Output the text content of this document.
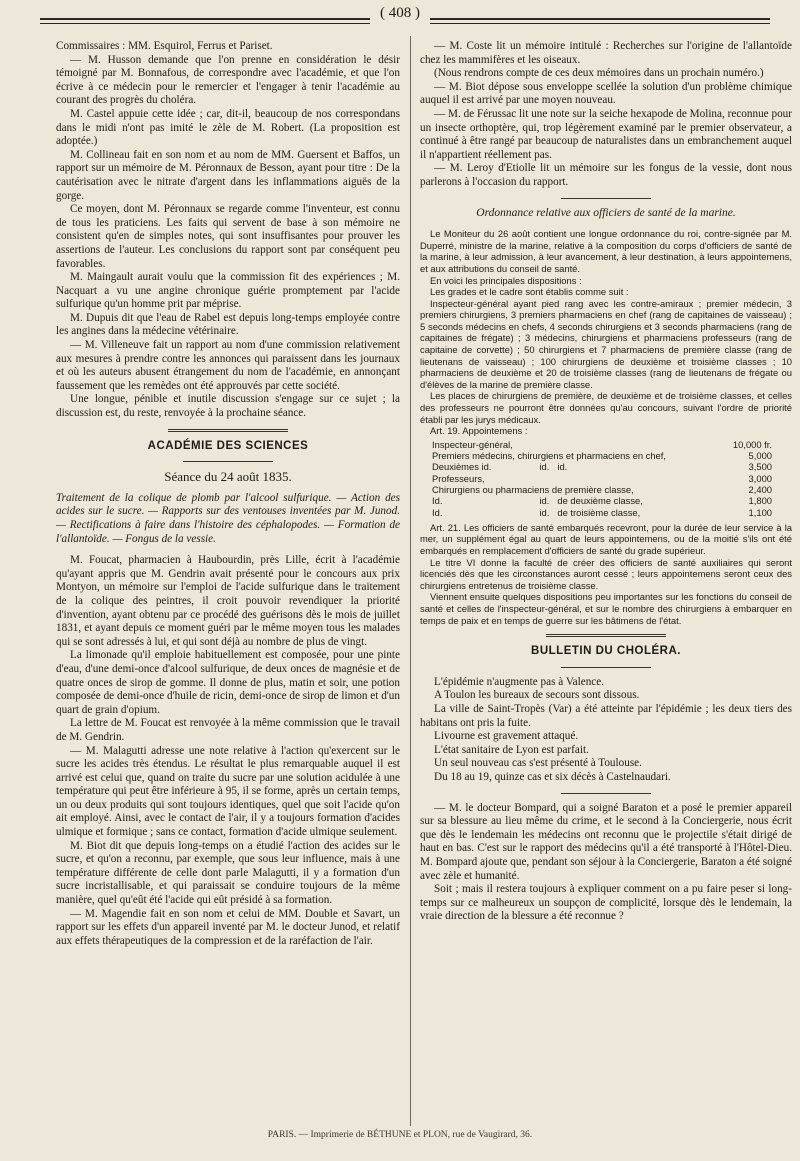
( 408 )

Commissaires : MM. Esquirol, Ferrus et Pariset.

— M. Husson demande que l'on prenne en considération le désir témoigné par M. Bonnafous, de correspondre avec l'académie, et que l'on écrive à ce médecin pour le remercier et l'engager à tenir l'académie au courant des progrès du choléra.

M. Castel appuie cette idée ; car, dit-il, beaucoup de nos correspondans dans le midi n'ont pas imité le zèle de M. Robert. (La proposition est adoptée.)

M. Collineau fait en son nom et au nom de MM. Guersent et Baffos, un rapport sur un mémoire de M. Péronnaux de Besson, ayant pour titre : De la cautérisation avec le nitrate d'argent dans les inflammations aiguës de la gorge.

Ce moyen, dont M. Péronnaux se regarde comme l'inventeur, est connu de tous les praticiens. Les faits qui servent de base à son mémoire ne consistent qu'en de simples notes, qui sont insuffisantes pour prouver les assertions de l'auteur. Les conclusions du rapport sont par conséquent peu favorables.

M. Maingault aurait voulu que la commission fit des expériences ; M. Nacquart a vu une angine chronique guérie promptement par l'acide sulfurique qu'un homme prit par méprise.

M. Dupuis dit que l'eau de Rabel est depuis long-temps employée contre les angines dans la médecine vétérinaire.

— M. Villeneuve fait un rapport au nom d'une commission relativement aux mesures à prendre contre les annonces qui paraissent dans les journaux et où les auteurs abusent étrangement du nom de l'académie, en annonçant faussement que les remèdes ont été approuvés par cette société.

Une longue, pénible et inutile discussion s'engage sur ce sujet ; la discussion est, du reste, renvoyée à la prochaine séance.

ACADÉMIE DES SCIENCES
Séance du 24 août 1835.

Traitement de la colique de plomb par l'alcool sulfurique. — Action des acides sur le sucre. — Rapports sur des ventouses inventées par M. Junod. — Rectifications à faire dans l'histoire des céphalopodes. — Formation de l'allantoïde. — Fongus de la vessie.

M. Foucat, pharmacien à Haubourdin, près Lille, écrit à l'académie qu'ayant appris que M. Gendrin avait présenté pour le concours aux prix Montyon, un mémoire sur l'emploi de l'acide sulfurique dans le traitement de la colique des peintres, il croit pouvoir revendiquer la priorité d'invention, ayant obtenu par ce procédé des guérisons dès le mois de juillet 1831, et ayant depuis ce moment guéri par le même moyen tous les malades qui se sont adressés à lui, et qui sont déjà au nombre de plus de vingt.

La limonade qu'il emploie habituellement est composée, pour une pinte d'eau, d'une demi-once d'alcool sulfurique, de deux onces de magnésie et de quatre onces de sirop de gomme. Il donne de plus, matin et soir, une potion composée de demi-once d'huile de ricin, demi-once de sirop de limon et d'un quart de grain d'opium.

La lettre de M. Foucat est renvoyée à la même commission que le travail de M. Gendrin.

— M. Malagutti adresse une note relative à l'action qu'exercent sur le sucre les acides très étendus. Le résultat le plus remarquable auquel il est arrivé est celui que, quand on traite du sucre par une solution acidulée à une température qui peut être inférieure à 95, il se forme, après un certain temps, un ou deux produits qui sont toujours identiques, quel que soit l'acide qu'on ait employé. Ainsi, avec le contact de l'air, il y a toujours formation d'acides ulmique et formique ; sans ce contact, formation d'acide ulmique seulement.

M. Biot dit que depuis long-temps on a étudié l'action des acides sur le sucre, et qu'on a reconnu, par exemple, que sous leur influence, mais à une température différente de celle dont parle Malagutti, il y a formation d'un sucre incristallisable, et qui paraissait se conduire toujours de la même manière, quel qu'eût été l'acide qui eût présidé à sa formation.

— M. Magendie fait en son nom et celui de MM. Double et Savart, un rapport sur les effets d'un appareil inventé par M. le docteur Junod, et relatif aux effets thérapeutiques de la compression et de la raréfaction de l'air.

— M. Coste lit un mémoire intitulé : Recherches sur l'origine de l'allantoïde chez les mammifères et les oiseaux.

(Nous rendrons compte de ces deux mémoires dans un prochain numéro.)

— M. Biot dépose sous enveloppe scellée la solution d'un problème chimique auquel il est arrivé par une moyen nouveau.

— M. de Férussac lit une note sur la seiche hexapode de Molina, reconnue pour un insecte orthoptère, qui, trop légèrement examiné par le premier observateur, a continué à être rangé par beaucoup de naturalistes dans un embranchement auquel il n'appartient réellement pas.

— M. Leroy d'Etiolle lit un mémoire sur les fongus de la vessie, dont nous parlerons à l'occasion du rapport.

Ordonnance relative aux officiers de santé de la marine.

Le Moniteur du 26 août contient une longue ordonnance du roi, contre-signée par M. Duperré, ministre de la marine, relative à la composition du corps d'officiers de santé de la marine, à leur admission, à leur avancement, à leur destination, à leurs appointemens, et aux attributions du conseil de santé.

En voici les principales dispositions :

Les grades et le cadre sont établis comme suit :

Inspecteur-général ayant pied rang avec les contre-amiraux ; premier médecin, 3 premiers chirurgiens, 3 premiers pharmaciens en chef (rang de capitaines de vaisseau) ; 5 seconds médecins en chefs, 4 seconds chirurgiens et 3 seconds pharmaciens (rang de capitaines de frégate) ; 3 médecins, chirurgiens et pharmaciens professeurs (rang de capitaine de corvette) ; 50 chirurgiens et 7 pharmaciens de première classe (rang de lieutenans de vaisseau) ; 100 chirurgiens de deuxième et troisième classes ; 10 pharmaciens de deuxième et 20 de troisième classes (rang de lieutenans de frégate ou d'élèves de la marine de première classe.

Les places de chirurgiens de première, de deuxième et de troisième classes, et celles des professeurs ne pourront être données qu'au concours, suivant l'ordre de priorité établi par les jurys médicaux.

Art. 19. Appointemens :
Inspecteur-général,			10,000 fr.
Premiers médecins, chirurgiens et pharmaciens en chef,			5,000
Deuxièmes id.	id.	id.	3,500
Professeurs,			3,000
Chirurgiens ou pharmaciens de première classe,			2,400
Id.	id.	de deuxième classe,	1,800
Id.	id.	de troisième classe,	1,100

Art. 21. Les officiers de santé embarqués recevront, pour la durée de leur service à la mer, un supplément égal au quart de leurs appointemens, ou de la moitié s'ils ont été embarqués en remplacement d'officiers de santé du grade supérieur.

Le titre VI donne la faculté de créer des officiers de santé auxiliaires qui seront licenciés dès que les circonstances auront cessé ; leurs appointemens seront ceux des chirurgiens entretenus de troisième classe.

Viennent ensuite quelques dispositions peu importantes sur les fonctions du conseil de santé et celles de l'inspecteur-général, et sur le nombre des chirurgiens à embarquer en temps de paix et en temps de guerre sur les bâtimens de l'état.

BULLETIN DU CHOLÉRA.

L'épidémie n'augmente pas à Valence.

A Toulon les bureaux de secours sont dissous.

La ville de Saint-Tropès (Var) a été atteinte par l'épidémie ; les deux tiers des habitans ont pris la fuite.

Livourne est gravement attaqué.

L'état sanitaire de Lyon est parfait.

Un seul nouveau cas s'est présenté à Toulouse.

Du 18 au 19, quinze cas et six décès à Castelnaudari.

— M. le docteur Bompard, qui a soigné Baraton et a posé le premier appareil sur sa blessure au lieu même du crime, et le second à la Conciergerie, nous écrit que dès le lendemain les médecins ont reconnu que le projectile s'était dirigé de haut en bas. C'est sur le rapport des médecins qu'il a été transporté à l'Hôtel-Dieu. M. Bompard ajoute que, pendant son séjour à la Conciergerie, Baraton a été soigné avec zèle et humanité.

Soit ; mais il restera toujours à expliquer comment on a pu faire peser si long-temps sur ce malheureux un soupçon de complicité, lorsque dès le lendemain, la vraie direction de la blessure a été reconnue ?

PARIS. — Imprimerie de BÉTHUNE et PLON, rue de Vaugirard, 36.
